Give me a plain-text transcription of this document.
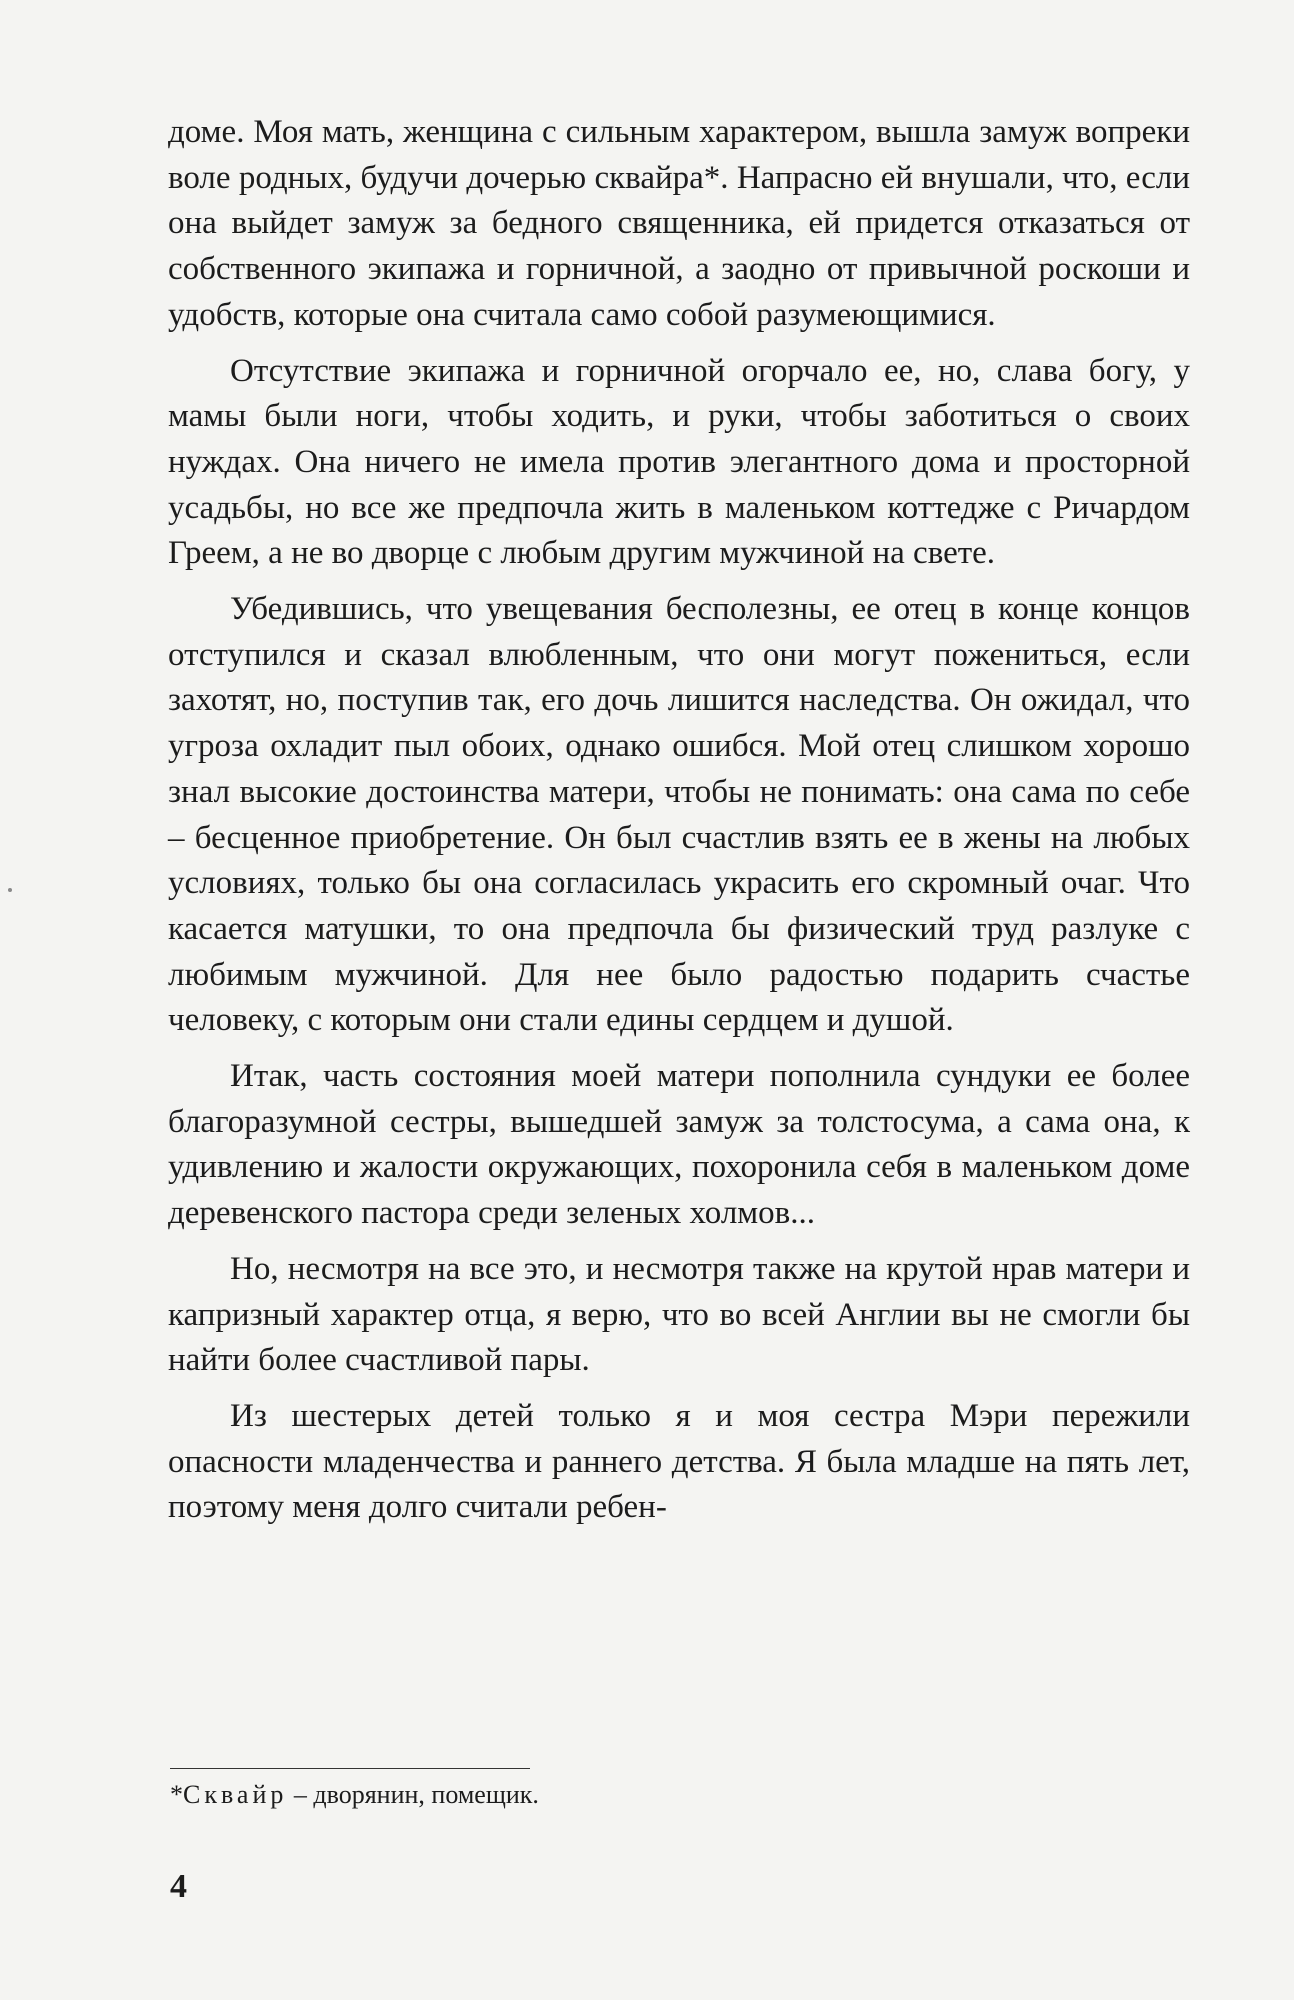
доме. Моя мать, женщина с сильным характером, вышла замуж вопреки воле родных, будучи дочерью сквайра*. Напрасно ей внушали, что, если она выйдет замуж за бедного священника, ей придется отказаться от собственного экипажа и горничной, а заодно от привычной роскоши и удобств, которые она считала само собой разумеющимися.

Отсутствие экипажа и горничной огорчало ее, но, слава богу, у мамы были ноги, чтобы ходить, и руки, чтобы заботиться о своих нуждах. Она ничего не имела против элегантного дома и просторной усадьбы, но все же предпочла жить в маленьком коттедже с Ричардом Греем, а не во дворце с любым другим мужчиной на свете.

Убедившись, что увещевания бесполезны, ее отец в конце концов отступился и сказал влюбленным, что они могут пожениться, если захотят, но, поступив так, его дочь лишится наследства. Он ожидал, что угроза охладит пыл обоих, однако ошибся. Мой отец слишком хорошо знал высокие достоинства матери, чтобы не понимать: она сама по себе – бесценное приобретение. Он был счастлив взять ее в жены на любых условиях, только бы она согласилась украсить его скромный очаг. Что касается матушки, то она предпочла бы физический труд разлуке с любимым мужчиной. Для нее было радостью подарить счастье человеку, с которым они стали едины сердцем и душой.

Итак, часть состояния моей матери пополнила сундуки ее более благоразумной сестры, вышедшей замуж за толстосума, а сама она, к удивлению и жалости окружающих, похоронила себя в маленьком доме деревенского пастора среди зеленых холмов...

Но, несмотря на все это, и несмотря также на крутой нрав матери и капризный характер отца, я верю, что во всей Англии вы не смогли бы найти более счастливой пары.

Из шестерых детей только я и моя сестра Мэри пережили опасности младенчества и раннего детства. Я была младше на пять лет, поэтому меня долго считали ребен-

*Сквайр – дворянин, помещик.
4
